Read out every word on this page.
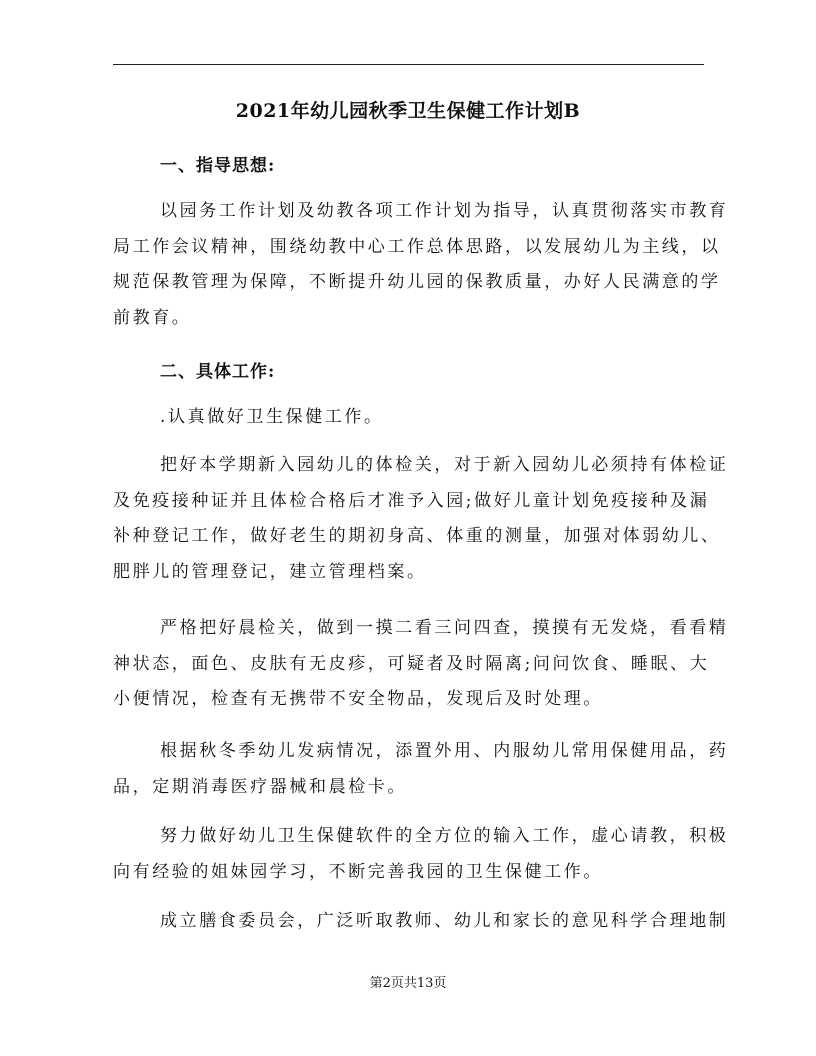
2021年幼儿园秋季卫生保健工作计划B
一、指导思想:
以园务工作计划及幼教各项工作计划为指导，认真贯彻落实市教育
局工作会议精神，围绕幼教中心工作总体思路，以发展幼儿为主线，以
规范保教管理为保障，不断提升幼儿园的保教质量，办好人民满意的学
前教育。
二、具体工作:
.认真做好卫生保健工作。
把好本学期新入园幼儿的体检关，对于新入园幼儿必须持有体检证
及免疫接种证并且体检合格后才准予入园;做好儿童计划免疫接种及漏
补种登记工作，做好老生的期初身高、体重的测量，加强对体弱幼儿、
肥胖儿的管理登记，建立管理档案。
严格把好晨检关，做到一摸二看三问四查，摸摸有无发烧，看看精
神状态，面色、皮肤有无皮疹，可疑者及时隔离;问问饮食、睡眠、大
小便情况，检查有无携带不安全物品，发现后及时处理。
根据秋冬季幼儿发病情况，添置外用、内服幼儿常用保健用品，药
品，定期消毒医疗器械和晨检卡。
努力做好幼儿卫生保健软件的全方位的输入工作，虚心请教，积极
向有经验的姐妹园学习，不断完善我园的卫生保健工作。
成立膳食委员会，广泛听取教师、幼儿和家长的意见科学合理地制
第2页共13页
